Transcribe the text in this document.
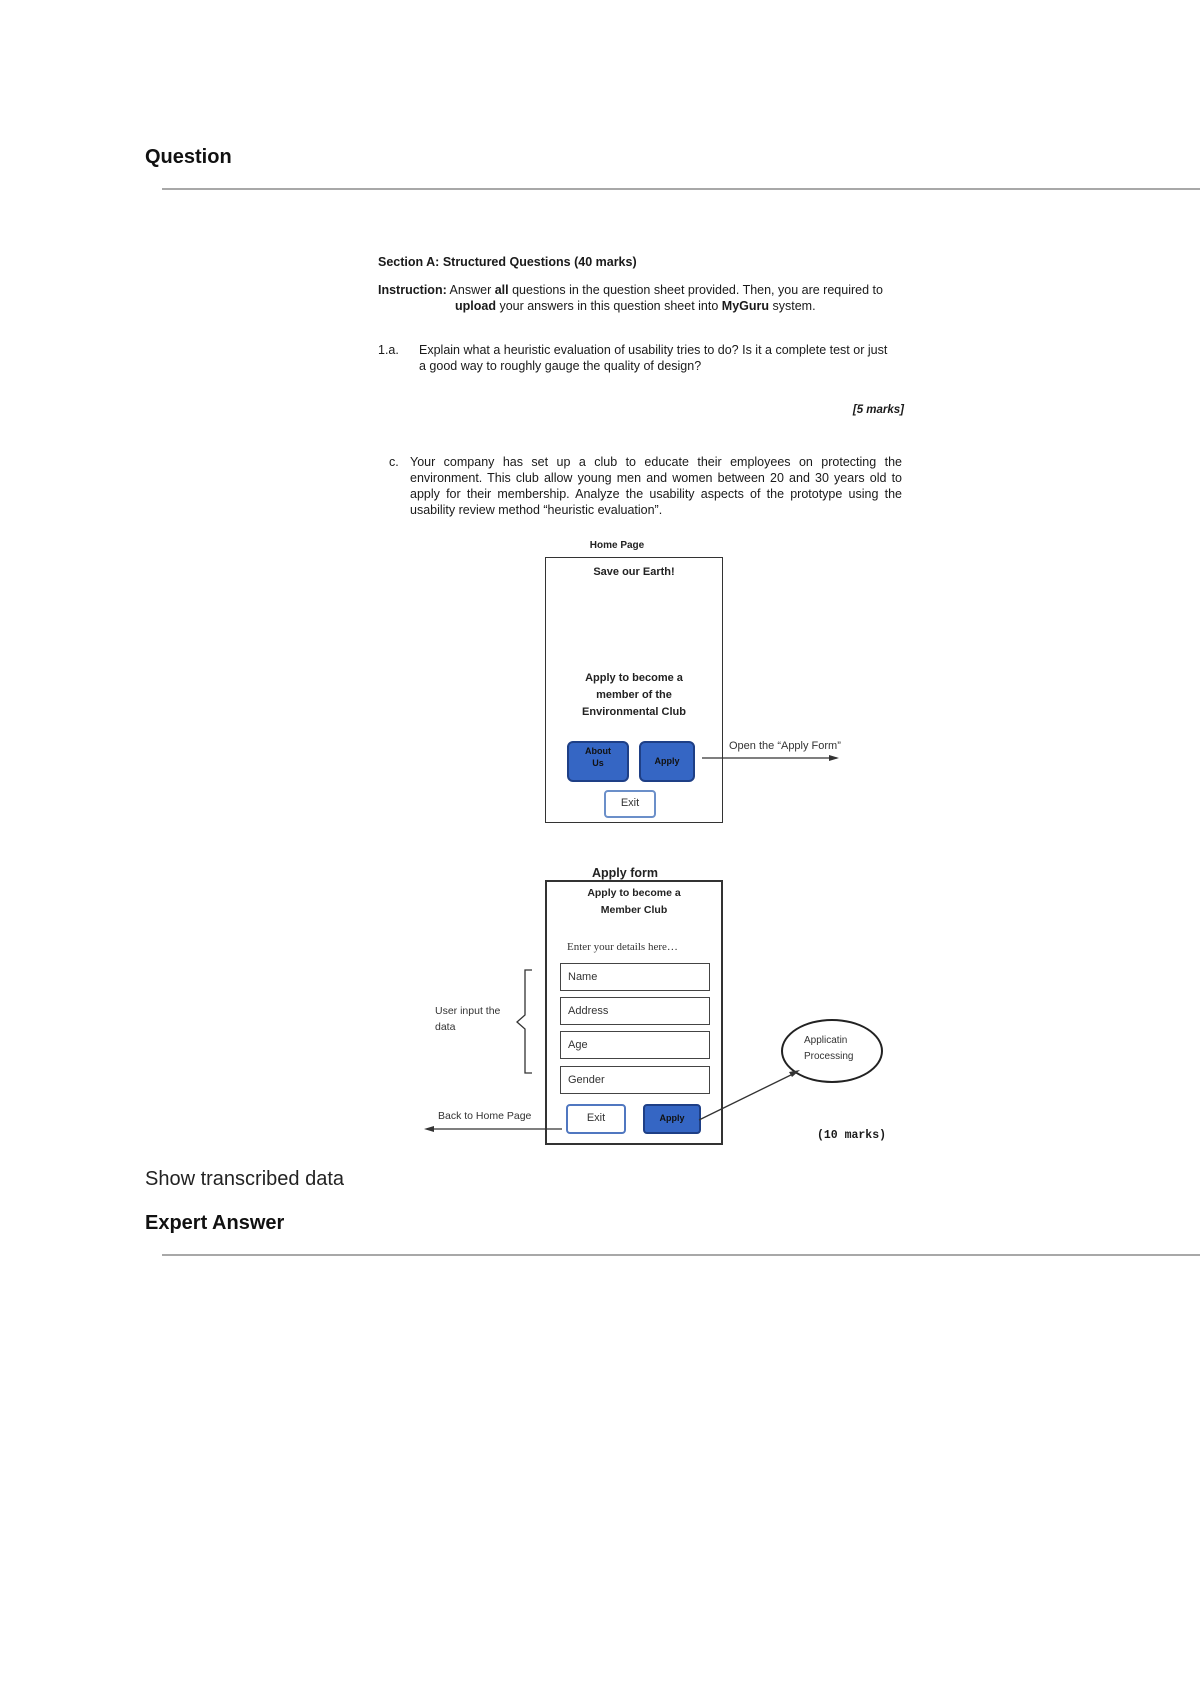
Question
Section A: Structured Questions (40 marks)
Instruction: Answer all questions in the question sheet provided. Then, you are required to
upload your answers in this question sheet into MyGuru system.
1.a. Explain what a heuristic evaluation of usability tries to do? Is it a complete test or just
a good way to roughly gauge the quality of design?
[5 marks]
c. Your company has set up a club to educate their employees on protecting the environment. This club allow young men and women between 20 and 30 years old to apply for their membership. Analyze the usability aspects of the prototype using the usability review method “heuristic evaluation”.
Home Page
Save our Earth!
Apply to become a
member of the
Environmental Club
About
Us	Apply
Exit
Open the “Apply Form”
Apply form
Apply to become a
Member Club
Enter your details here…
Name
Address
Age
Gender
Exit	Apply
User input the
data
Back to Home Page
Applicatin
Processing
(10 marks)
Show transcribed data
Expert Answer
